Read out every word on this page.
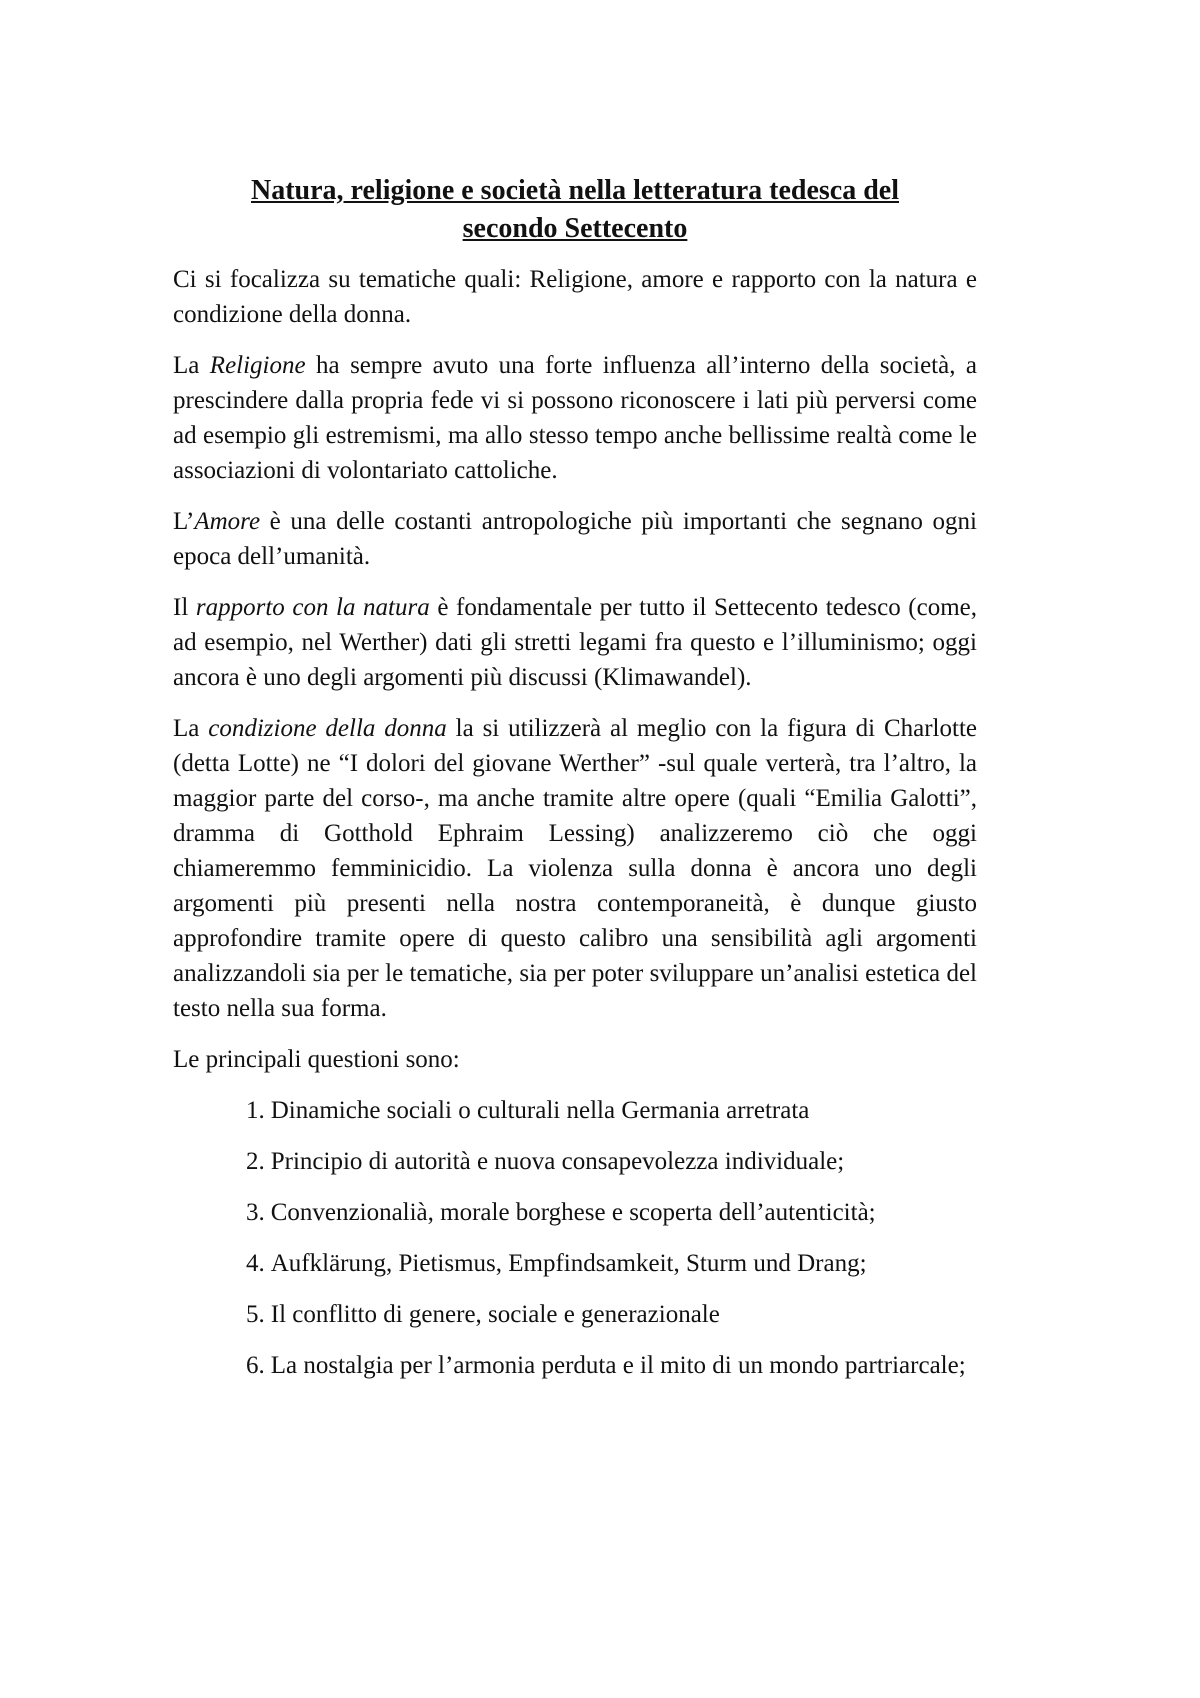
Natura, religione e società nella letteratura tedesca del
secondo Settecento

Ci si focalizza su tematiche quali: Religione, amore e rapporto con la natura e condizione della donna.

La Religione ha sempre avuto una forte influenza all’interno della società, a prescindere dalla propria fede vi si possono riconoscere i lati più perversi come ad esempio gli estremismi, ma allo stesso tempo anche bellissime realtà come le associazioni di volontariato cattoliche.

L’Amore è una delle costanti antropologiche più importanti che segnano ogni epoca dell’umanità.

Il rapporto con la natura è fondamentale per tutto il Settecento tedesco (come, ad esempio, nel Werther) dati gli stretti legami fra questo e l’illuminismo; oggi ancora è uno degli argomenti più discussi (Klimawandel).

La condizione della donna la si utilizzerà al meglio con la figura di Charlotte (detta Lotte) ne “I dolori del giovane Werther” -sul quale verterà, tra l’altro, la maggior parte del corso-, ma anche tramite altre opere (quali “Emilia Galotti”, dramma di Gotthold Ephraim Lessing) analizzeremo ciò che oggi chiameremmo femminicidio. La violenza sulla donna è ancora uno degli argomenti più presenti nella nostra contemporaneità, è dunque giusto approfondire tramite opere di questo calibro una sensibilità agli argomenti analizzandoli sia per le tematiche, sia per poter sviluppare un’analisi estetica del testo nella sua forma.

Le principali questioni sono:

1. Dinamiche sociali o culturali nella Germania arretrata
2. Principio di autorità e nuova consapevolezza individuale;
3. Convenzionalià, morale borghese e scoperta dell’autenticità;
4. Aufklärung, Pietismus, Empfindsamkeit, Sturm und Drang;
5. Il conflitto di genere, sociale e generazionale
6. La nostalgia per l’armonia perduta e il mito di un mondo partriarcale;
